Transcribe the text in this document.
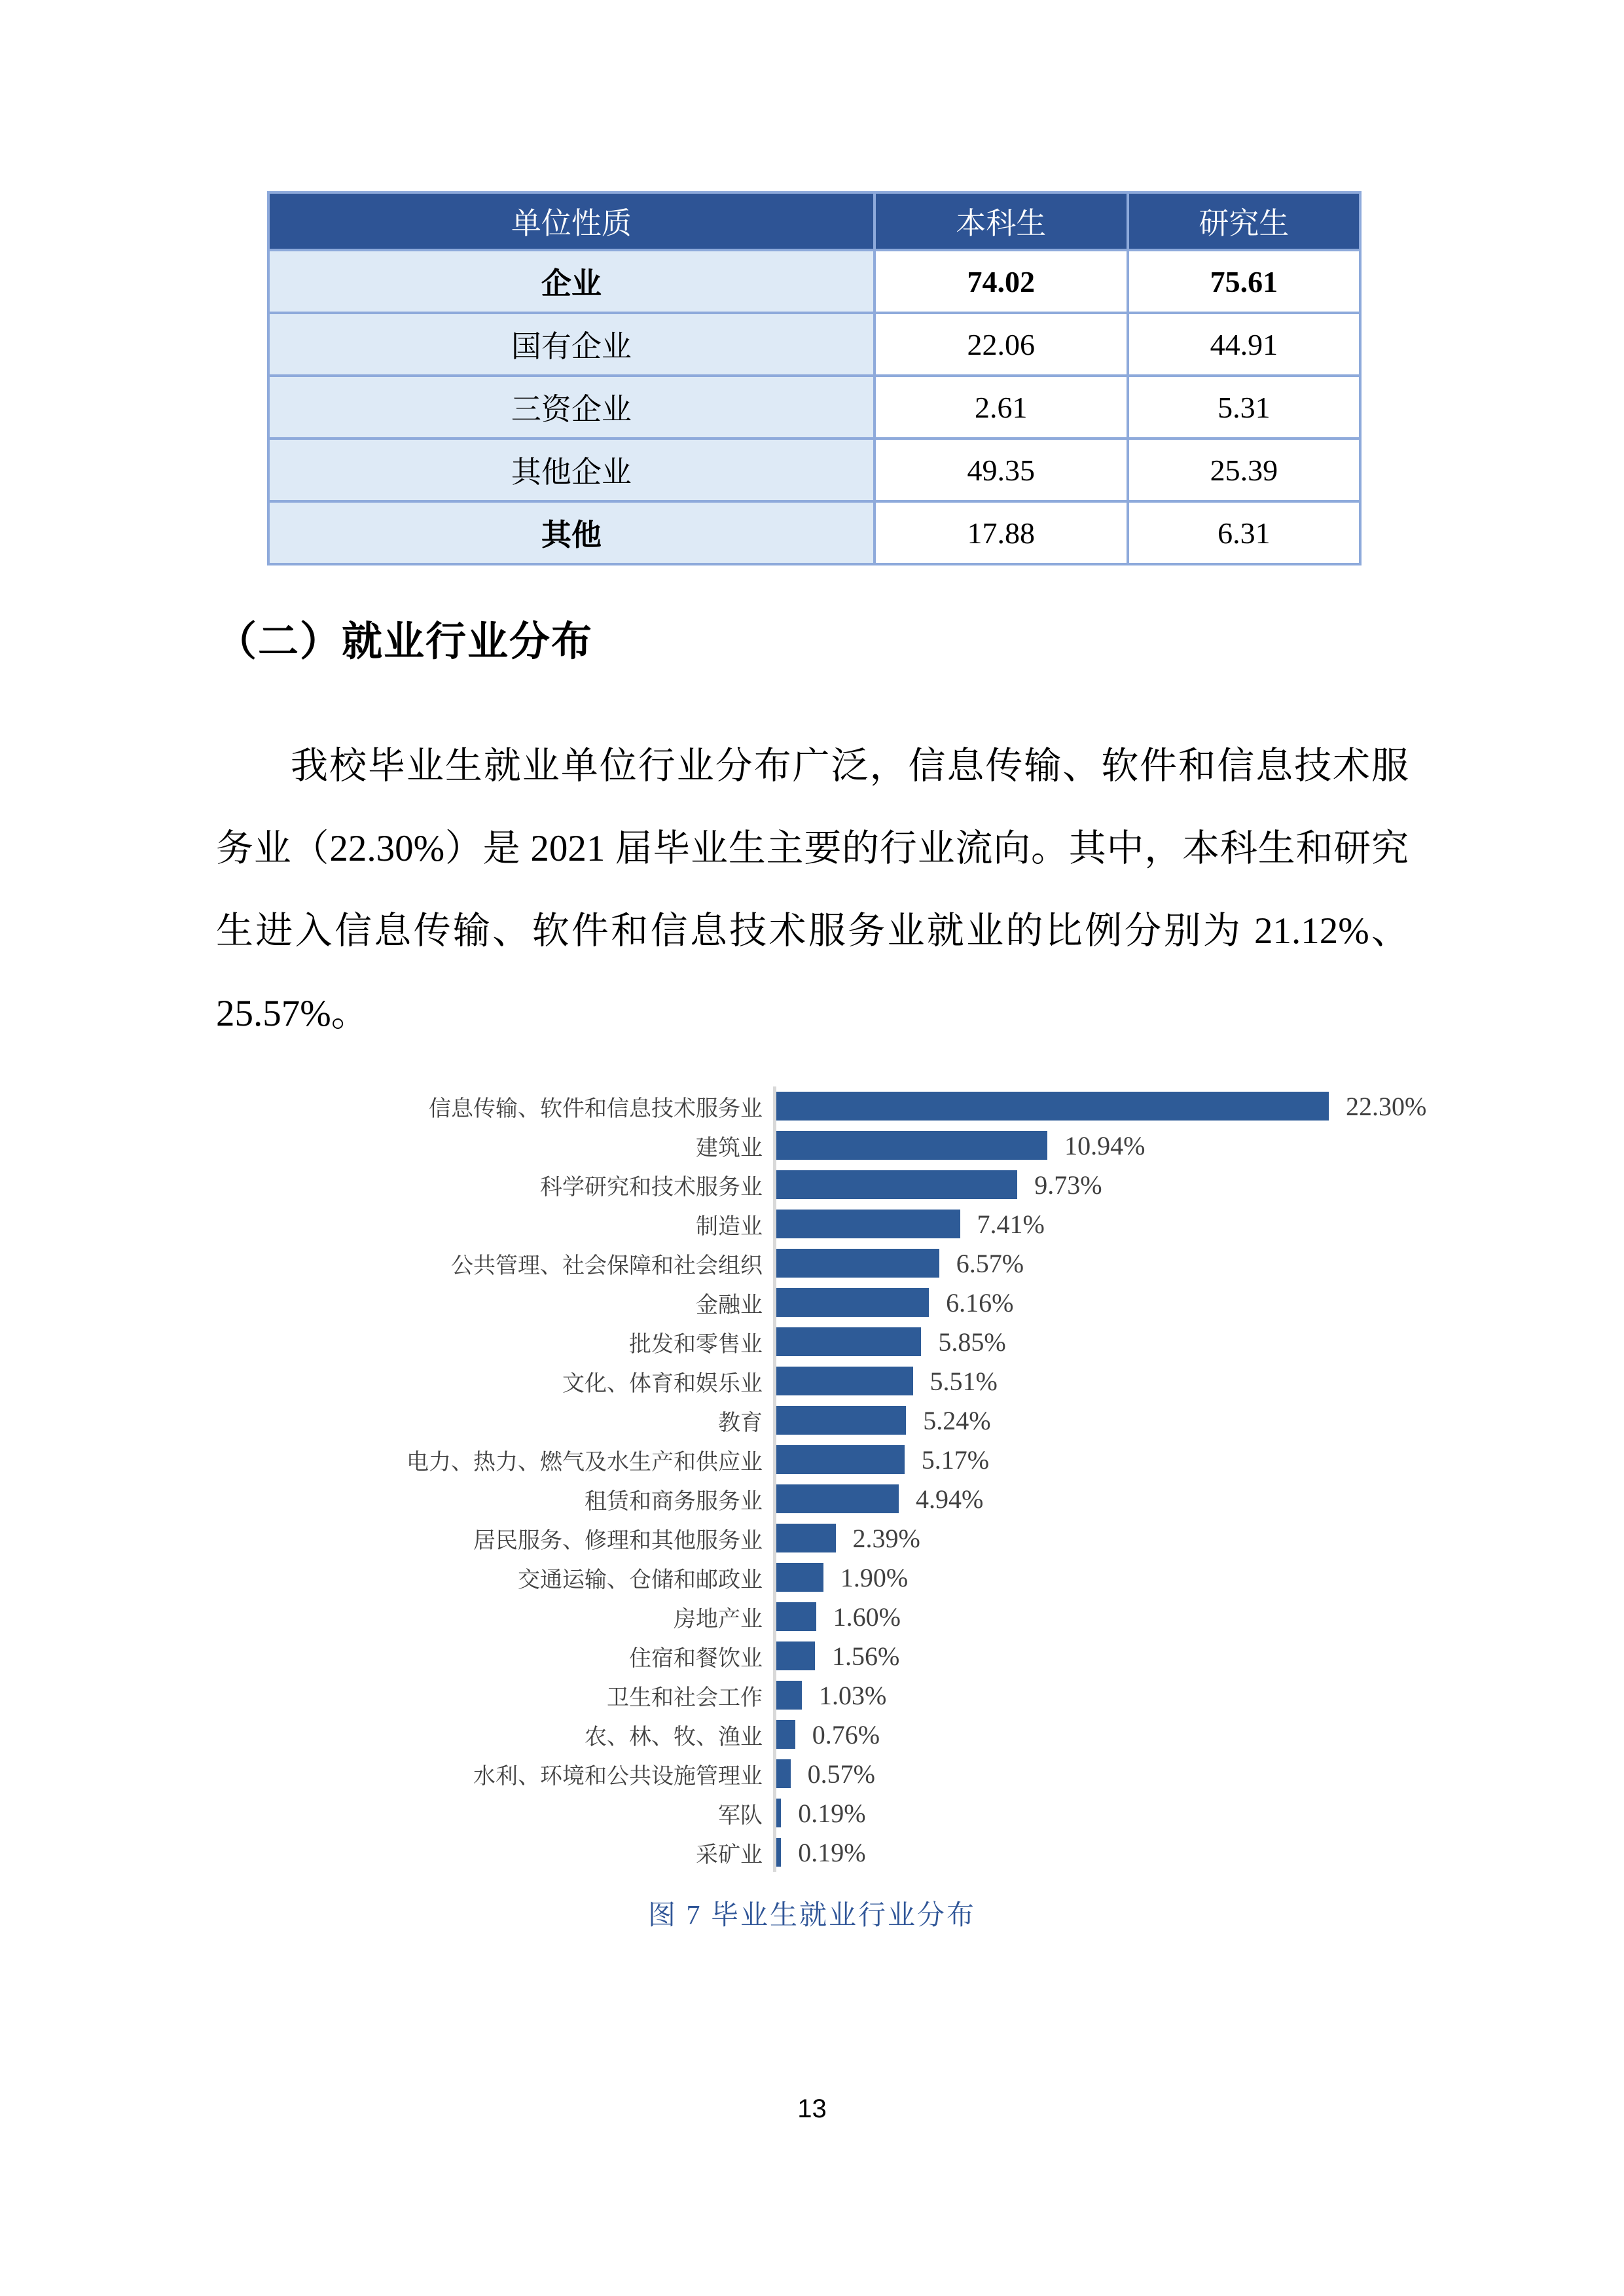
单位性质	本科生	研究生
企业	74.02	75.61
国有企业	22.06	44.91
三资企业	2.61	5.31
其他企业	49.35	25.39
其他	17.88	6.31
（二）就业行业分布

我校毕业生就业单位行业分布广泛，信息传输、软件和信息技术服务业（22.30%）是 2021 届毕业生主要的行业流向。其中，本科生和研究生进入信息传输、软件和信息技术服务业就业的比例分别为 21.12%、25.57%。

信息传输、软件和信息技术服务业	22.30%
建筑业	10.94%
科学研究和技术服务业	9.73%
制造业	7.41%
公共管理、社会保障和社会组织	6.57%
金融业	6.16%
批发和零售业	5.85%
文化、体育和娱乐业	5.51%
教育	5.24%
电力、热力、燃气及水生产和供应业	5.17%
租赁和商务服务业	4.94%
居民服务、修理和其他服务业	2.39%
交通运输、仓储和邮政业	1.90%
房地产业	1.60%
住宿和餐饮业	1.56%
卫生和社会工作	1.03%
农、林、牧、渔业	0.76%
水利、环境和公共设施管理业	0.57%
军队	0.19%
采矿业	0.19%
图 7 毕业生就业行业分布
13
